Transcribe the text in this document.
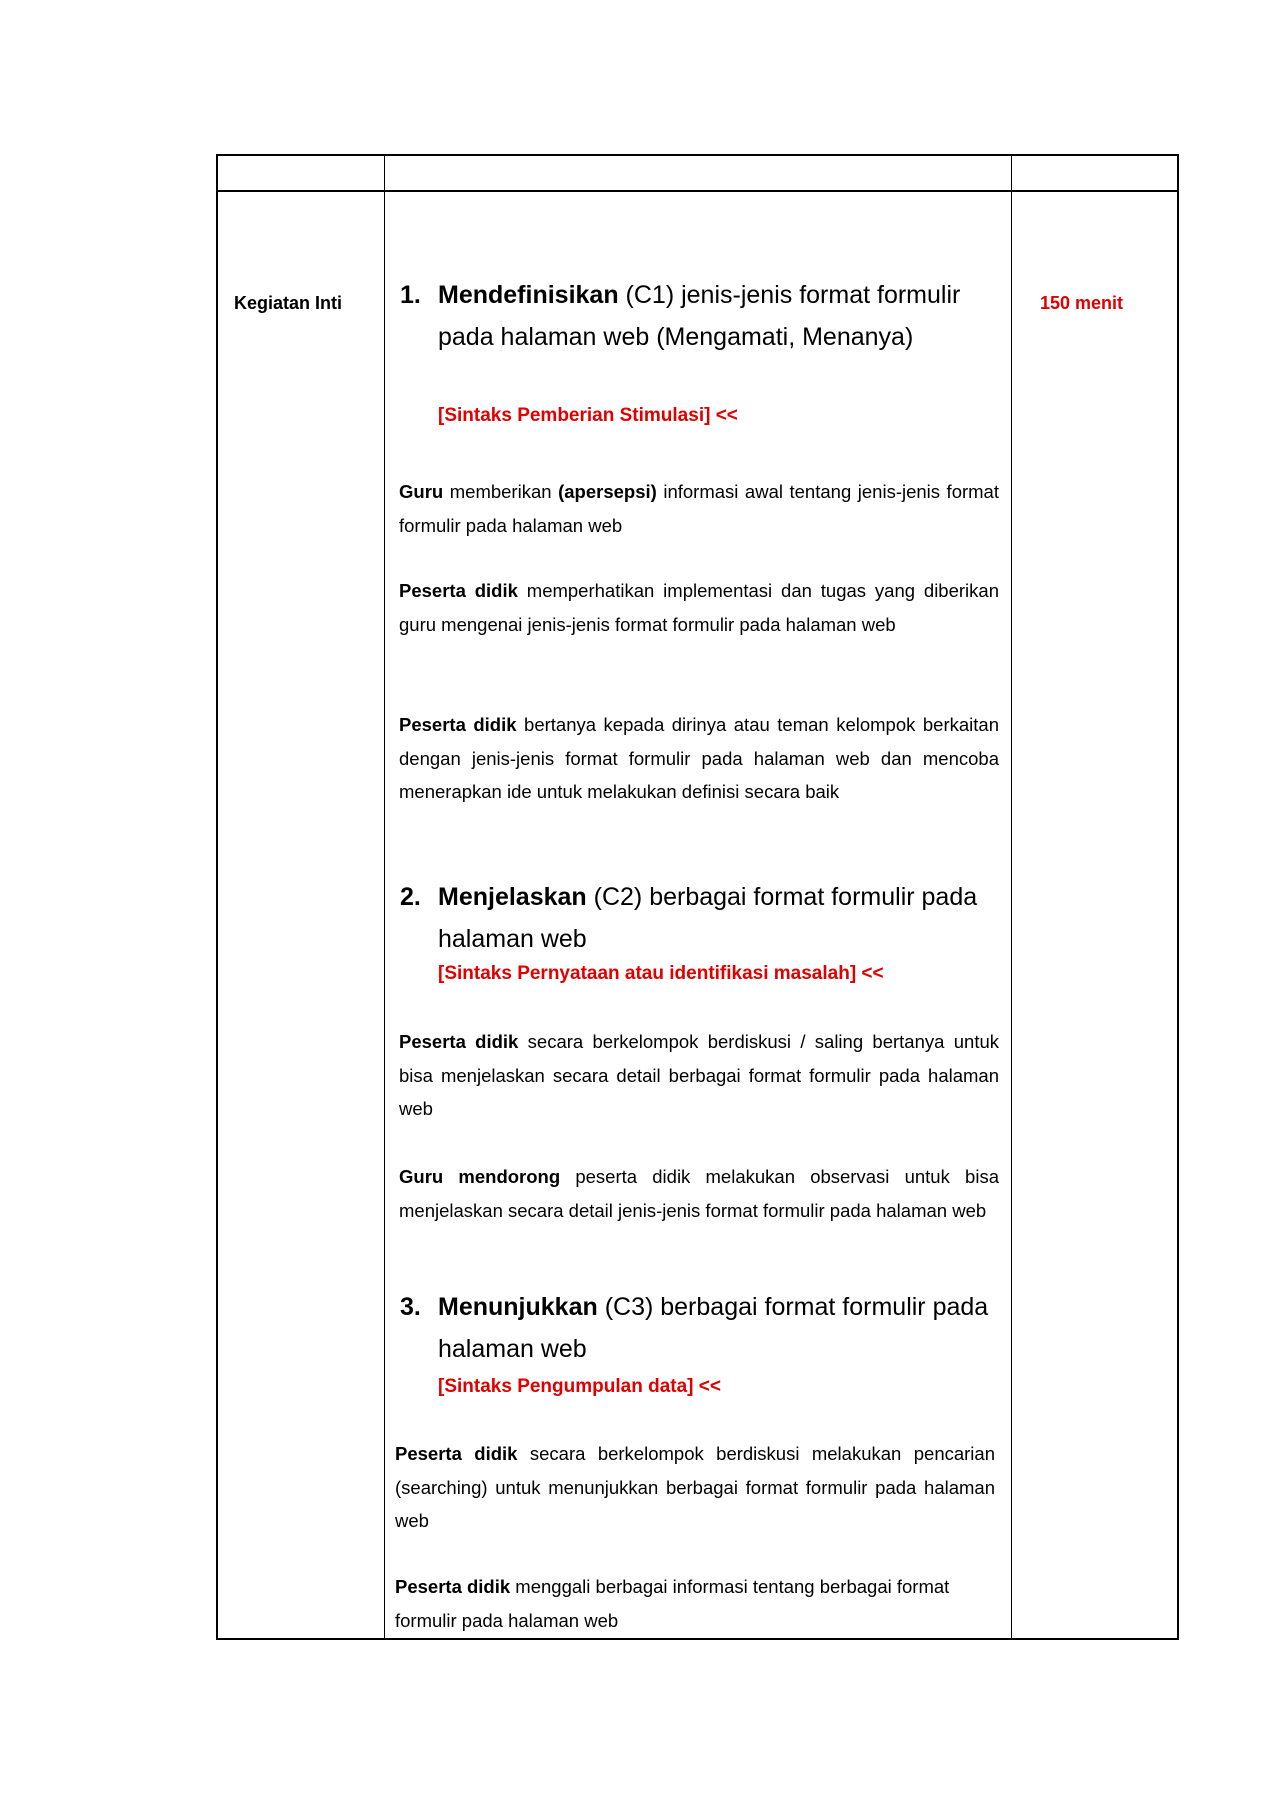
Kegiatan Inti	150 menit
1. Mendefinisikan (C1) jenis-jenis format formulir pada halaman web (Mengamati, Menanya)
[Sintaks Pemberian Stimulasi] <<
Guru memberikan (apersepsi) informasi awal tentang jenis-jenis format formulir pada halaman web
Peserta didik memperhatikan implementasi dan tugas yang diberikan guru mengenai jenis-jenis format formulir pada halaman web
Peserta didik bertanya kepada dirinya atau teman kelompok berkaitan dengan jenis-jenis format formulir pada halaman web dan mencoba menerapkan ide untuk melakukan definisi secara baik
2. Menjelaskan (C2) berbagai format formulir pada halaman web
[Sintaks Pernyataan atau identifikasi masalah] <<
Peserta didik secara berkelompok berdiskusi / saling bertanya untuk bisa menjelaskan secara detail berbagai format formulir pada halaman web
Guru mendorong peserta didik melakukan observasi untuk bisa menjelaskan secara detail jenis-jenis format formulir pada halaman web
3. Menunjukkan (C3) berbagai format formulir pada halaman web
[Sintaks Pengumpulan data] <<
Peserta didik secara berkelompok berdiskusi melakukan pencarian (searching) untuk menunjukkan berbagai format formulir pada halaman web
Peserta didik menggali berbagai informasi tentang berbagai format formulir pada halaman web
